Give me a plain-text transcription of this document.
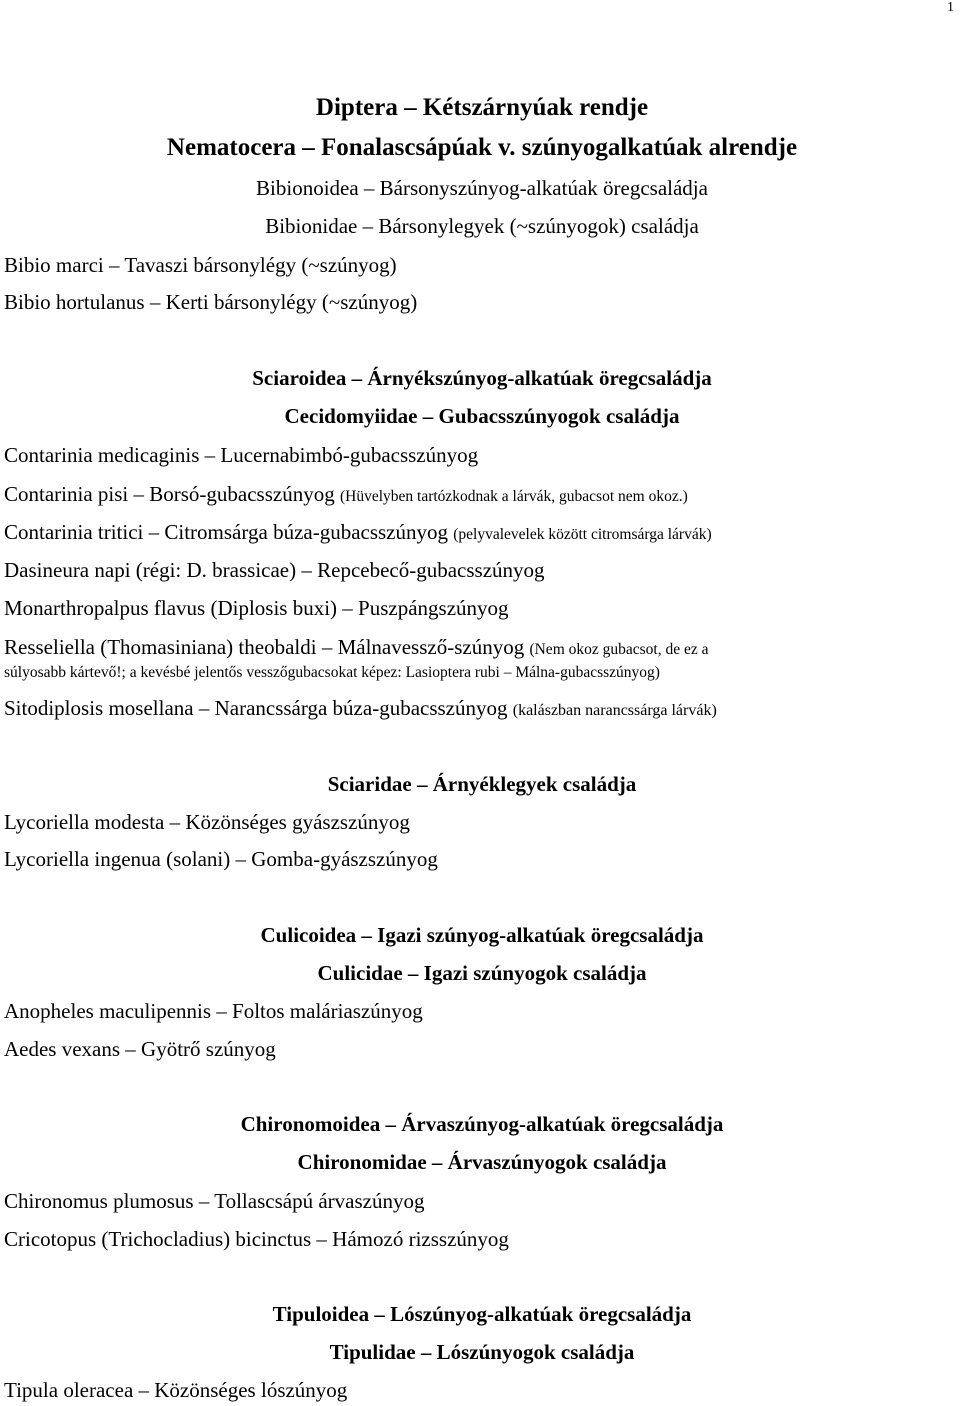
1
Diptera – Kétszárnyúak rendje
Nematocera – Fonalascsápúak v. szúnyogalkatúak alrendje
Bibionoidea – Bársonyszúnyog-alkatúak öregcsaládja
Bibionidae – Bársonylegyek (~szúnyogok) családja
Bibio marci – Tavaszi bársonylégy (~szúnyog)
Bibio hortulanus – Kerti bársonylégy (~szúnyog)
Sciaroidea – Árnyékszúnyog-alkatúak öregcsaládja
Cecidomyiidae – Gubacsszúnyogok családja
Contarinia medicaginis – Lucernabimbó-gubacsszúnyog
Contarinia pisi – Borsó-gubacsszúnyog (Hüvelyben tartózkodnak a lárvák, gubacsot nem okoz.)
Contarinia tritici – Citromsárga búza-gubacsszúnyog (pelyvalevelek között citromsárga lárvák)
Dasineura napi (régi: D. brassicae) – Repcebecő-gubacsszúnyog
Monarthropalpus flavus (Diplosis buxi) – Puszpángszúnyog
Resseliella (Thomasiniana) theobaldi – Málnavessző-szúnyog (Nem okoz gubacsot, de ez a
súlyosabb kártevő!; a kevésbé jelentős vesszőgubacsokat képez: Lasioptera rubi – Málna-gubacsszúnyog)
Sitodiplosis mosellana – Narancssárga búza-gubacsszúnyog (kalászban narancssárga lárvák)
Sciaridae – Árnyéklegyek családja
Lycoriella modesta – Közönséges gyászszúnyog
Lycoriella ingenua (solani) – Gomba-gyászszúnyog
Culicoidea – Igazi szúnyog-alkatúak öregcsaládja
Culicidae – Igazi szúnyogok családja
Anopheles maculipennis – Foltos maláriaszúnyog
Aedes vexans – Gyötrő szúnyog
Chironomoidea – Árvaszúnyog-alkatúak öregcsaládja
Chironomidae – Árvaszúnyogok családja
Chironomus plumosus – Tollascsápú árvaszúnyog
Cricotopus (Trichocladius) bicinctus – Hámozó rizsszúnyog
Tipuloidea – Lószúnyog-alkatúak öregcsaládja
Tipulidae – Lószúnyogok családja
Tipula oleracea – Közönséges lószúnyog
